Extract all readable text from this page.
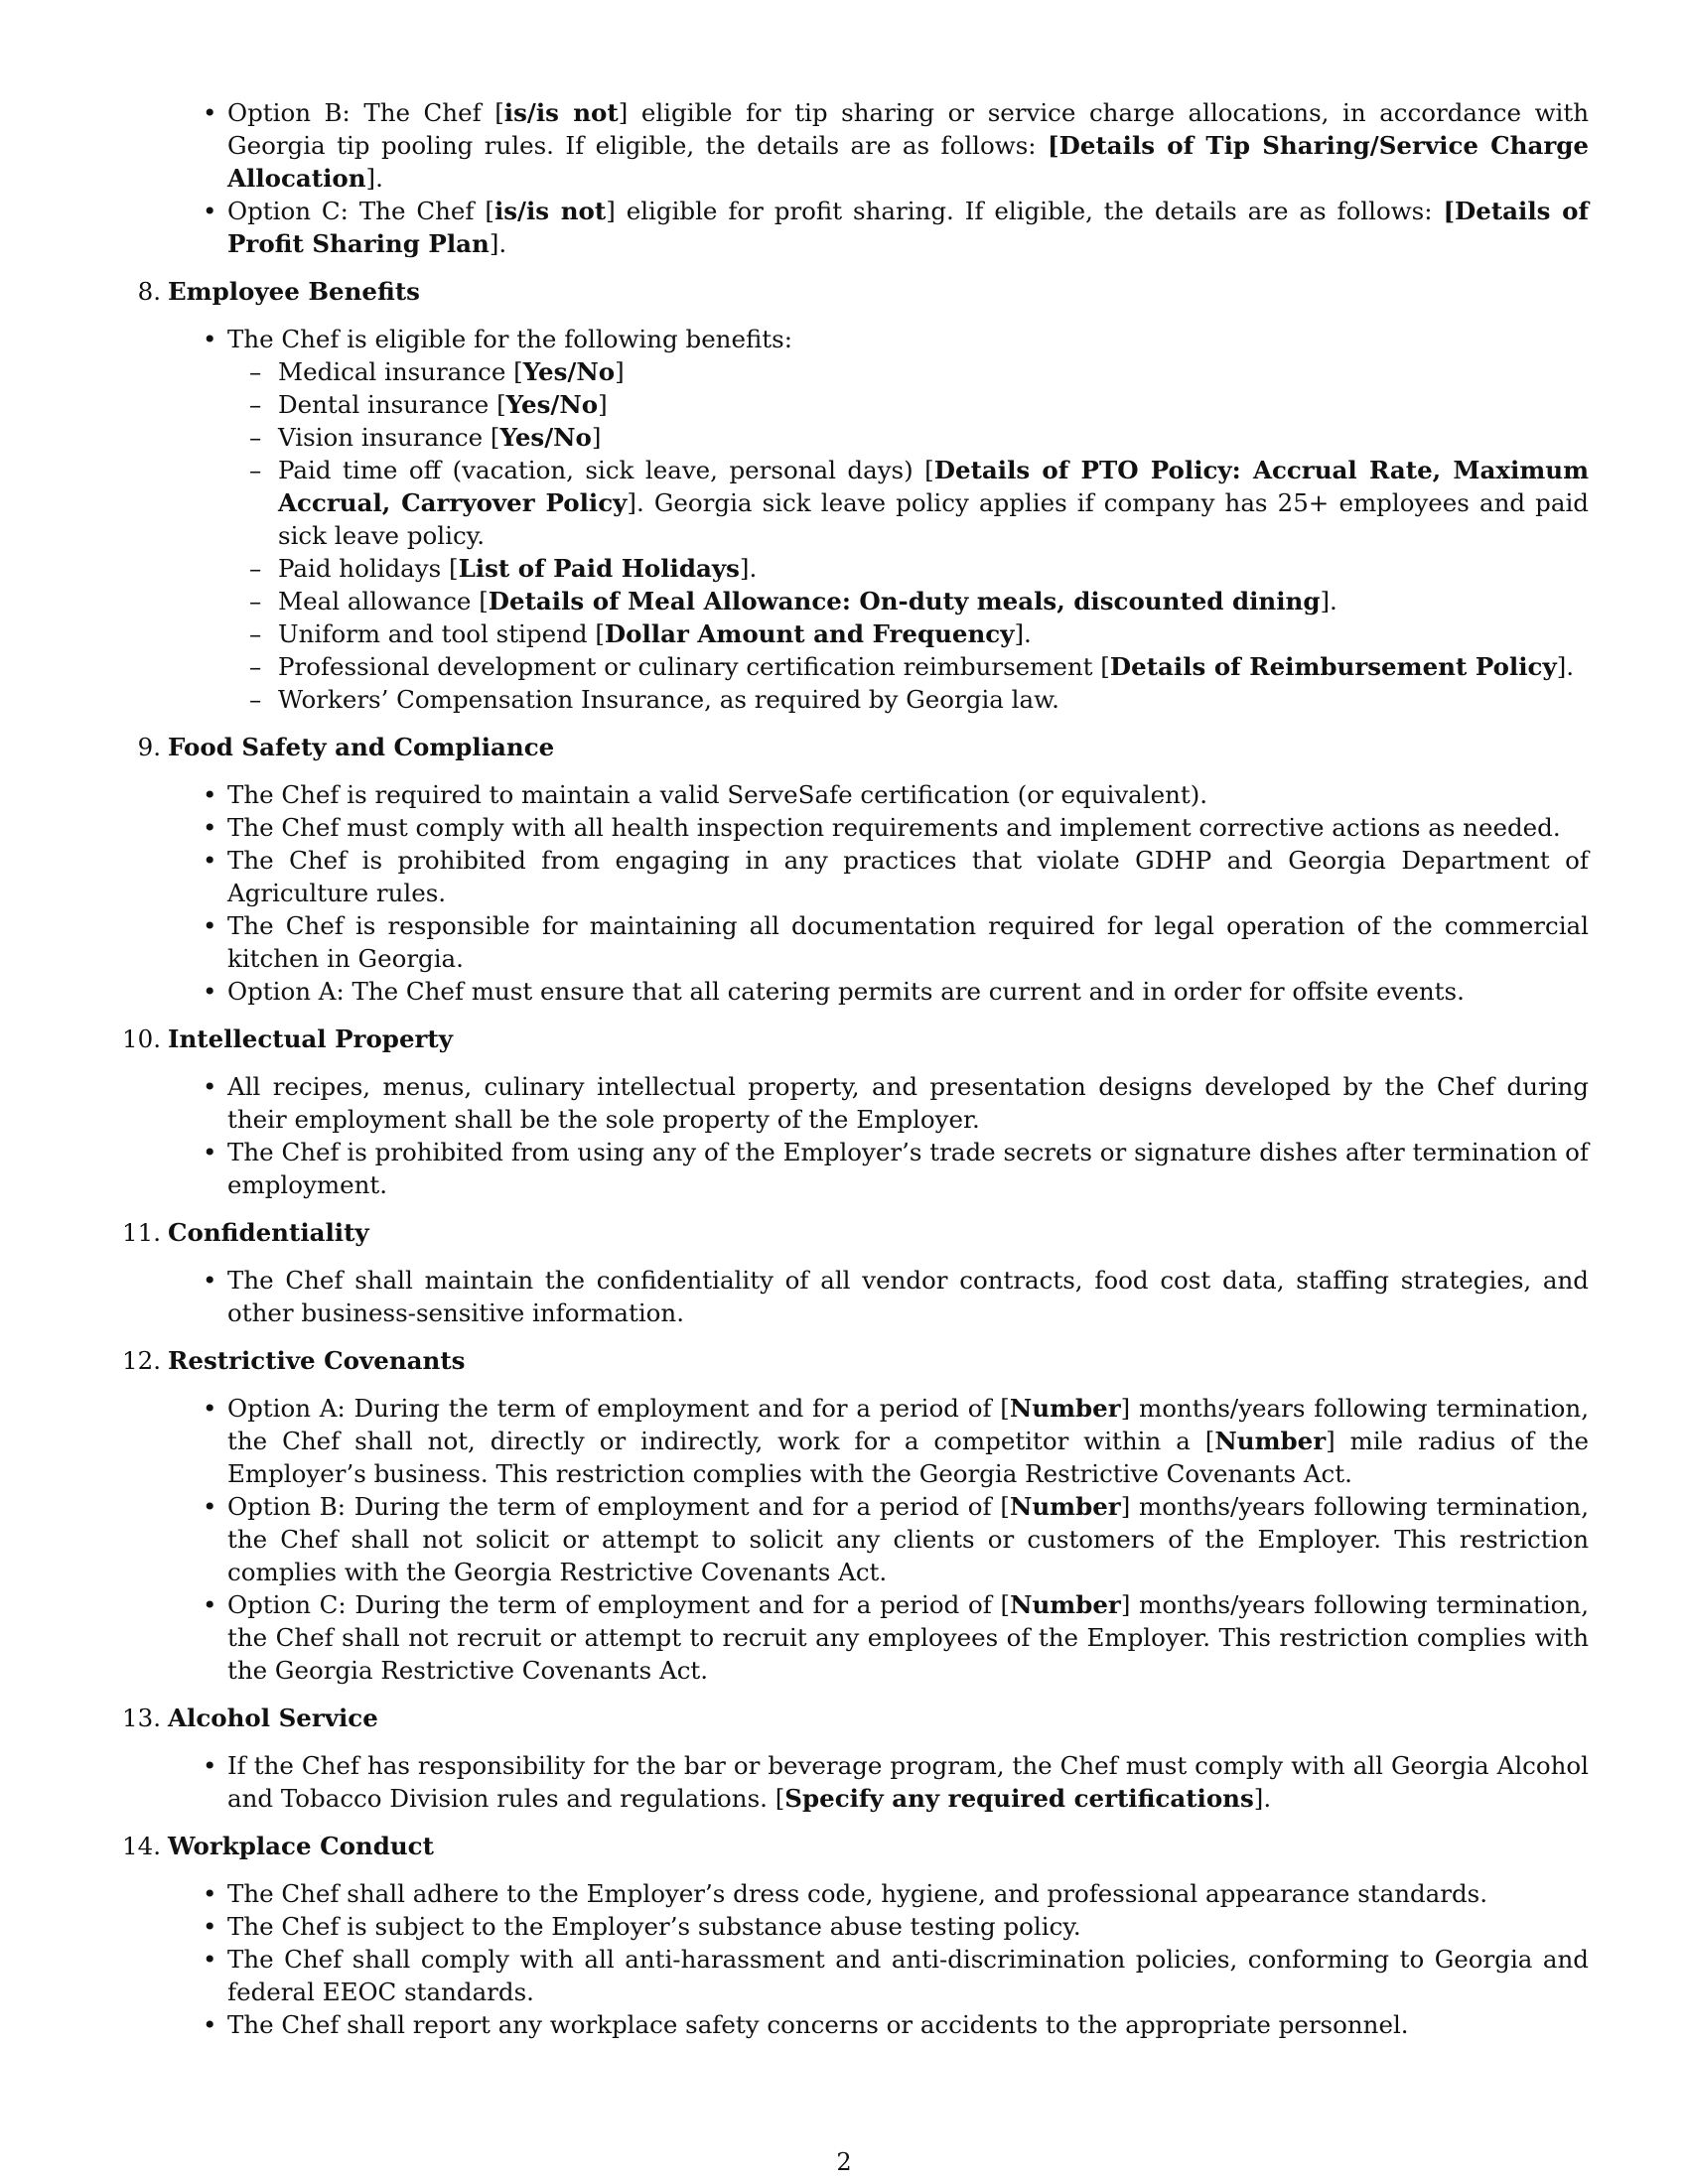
• Option B: The Chef [is/is not] eligible for tip sharing or service charge allocations, in accordance with Georgia tip pooling rules. If eligible, the details are as follows: [Details of Tip Sharing/Service Charge Allocation].
• Option C: The Chef [is/is not] eligible for profit sharing. If eligible, the details are as follows: [Details of Profit Sharing Plan].
8. Employee Benefits
• The Chef is eligible for the following benefits:
– Medical insurance [Yes/No]
– Dental insurance [Yes/No]
– Vision insurance [Yes/No]
– Paid time off (vacation, sick leave, personal days) [Details of PTO Policy: Accrual Rate, Maximum Accrual, Carryover Policy]. Georgia sick leave policy applies if company has 25+ employees and paid sick leave policy.
– Paid holidays [List of Paid Holidays].
– Meal allowance [Details of Meal Allowance: On-duty meals, discounted dining].
– Uniform and tool stipend [Dollar Amount and Frequency].
– Professional development or culinary certification reimbursement [Details of Reimbursement Policy].
– Workers’ Compensation Insurance, as required by Georgia law.
9. Food Safety and Compliance
• The Chef is required to maintain a valid ServeSafe certification (or equivalent).
• The Chef must comply with all health inspection requirements and implement corrective actions as needed.
• The Chef is prohibited from engaging in any practices that violate GDHP and Georgia Department of Agriculture rules.
• The Chef is responsible for maintaining all documentation required for legal operation of the commercial kitchen in Georgia.
• Option A: The Chef must ensure that all catering permits are current and in order for offsite events.
10. Intellectual Property
• All recipes, menus, culinary intellectual property, and presentation designs developed by the Chef during their employment shall be the sole property of the Employer.
• The Chef is prohibited from using any of the Employer’s trade secrets or signature dishes after termination of employment.
11. Confidentiality
• The Chef shall maintain the confidentiality of all vendor contracts, food cost data, staffing strategies, and other business-sensitive information.
12. Restrictive Covenants
• Option A: During the term of employment and for a period of [Number] months/years following termination, the Chef shall not, directly or indirectly, work for a competitor within a [Number] mile radius of the Employer’s business. This restriction complies with the Georgia Restrictive Covenants Act.
• Option B: During the term of employment and for a period of [Number] months/years following termination, the Chef shall not solicit or attempt to solicit any clients or customers of the Employer. This restriction complies with the Georgia Restrictive Covenants Act.
• Option C: During the term of employment and for a period of [Number] months/years following termination, the Chef shall not recruit or attempt to recruit any employees of the Employer. This restriction complies with the Georgia Restrictive Covenants Act.
13. Alcohol Service
• If the Chef has responsibility for the bar or beverage program, the Chef must comply with all Georgia Alcohol and Tobacco Division rules and regulations. [Specify any required certifications].
14. Workplace Conduct
• The Chef shall adhere to the Employer’s dress code, hygiene, and professional appearance standards.
• The Chef is subject to the Employer’s substance abuse testing policy.
• The Chef shall comply with all anti-harassment and anti-discrimination policies, conforming to Georgia and federal EEOC standards.
• The Chef shall report any workplace safety concerns or accidents to the appropriate personnel.
2
